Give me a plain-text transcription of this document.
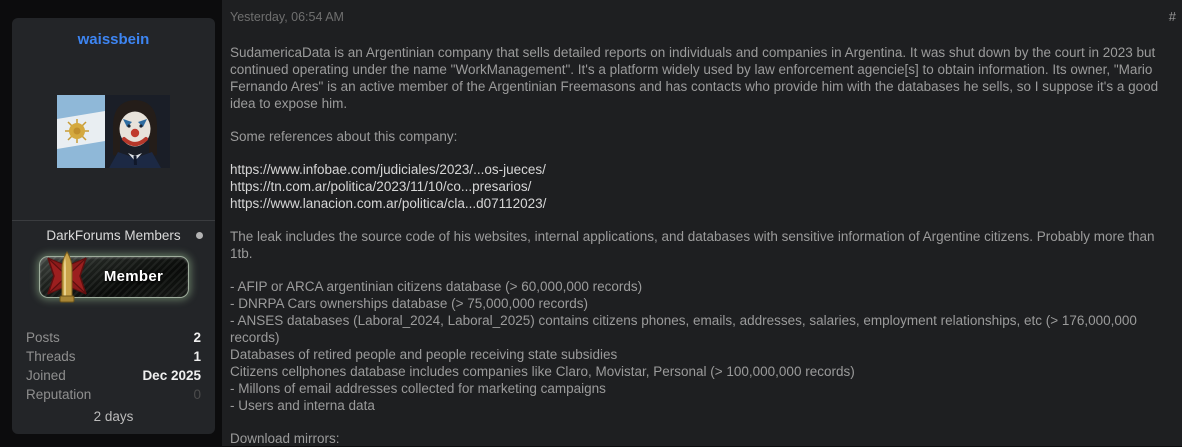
waissbein
DarkForums Members
Member
Posts	2
Threads	1
Joined	Dec 2025
Reputation	0
2 days
Yesterday, 06:54 AM	#
SudamericaData is an Argentinian company that sells detailed reports on individuals and companies in Argentina. It was shut down by the court in 2023 but continued operating under the name "WorkManagement". It's a platform widely used by law enforcement agencie[s] to obtain information. Its owner, "Mario Fernando Ares" is an active member of the Argentinian Freemasons and has contacts who provide him with the databases he sells, so I suppose it's a good idea to expose him.
Some references about this company:
https://www.infobae.com/judiciales/2023/...os-jueces/
https://tn.com.ar/politica/2023/11/10/co...presarios/
https://www.lanacion.com.ar/politica/cla...d07112023/
The leak includes the source code of his websites, internal applications, and databases with sensitive information of Argentine citizens. Probably more than 1tb.
- AFIP or ARCA argentinian citizens database (> 60,000,000 records)
- DNRPA Cars ownerships database (> 75,000,000 records)
- ANSES databases (Laboral_2024, Laboral_2025) contains citizens phones, emails, addresses, salaries, employment relationships, etc (> 176,000,000 records)
Databases of retired people and people receiving state subsidies
Citizens cellphones database includes companies like Claro, Movistar, Personal (> 100,000,000 records)
- Millons of email addresses collected for marketing campaigns
- Users and interna data
Download mirrors:
